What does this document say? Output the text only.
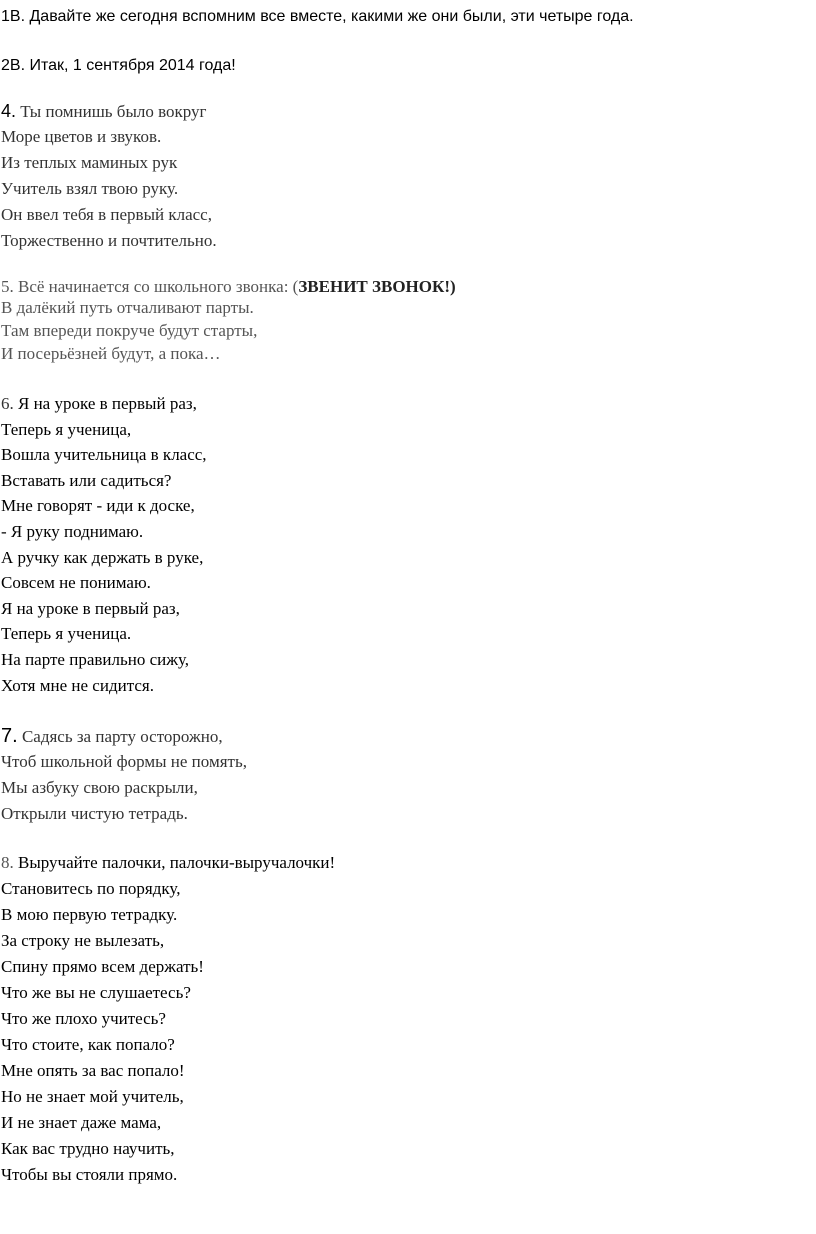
1В. Давайте же сегодня вспомним все вместе, какими же они были, эти четыре года.
2В. Итак, 1 сентября 2014 года!
4. Ты помнишь было вокруг
Море цветов и звуков.
Из теплых маминых рук
Учитель взял твою руку.
Он ввел тебя в первый класс,
Торжественно и почтительно.
5. Всё начинается со школьного звонка: (ЗВЕНИТ ЗВОНОК!)
В далёкий путь отчаливают парты.
Там впереди покруче будут старты,
И посерьёзней будут, а пока…
6. Я на уроке в первый раз,
Теперь я ученица,
Вошла учительница в класс,
Вставать или садиться?
Мне говорят - иди к доске,
- Я руку поднимаю.
А ручку как держать в руке,
Совсем не понимаю.
Я на уроке в первый раз,
Теперь я ученица.
На парте правильно сижу,
Хотя мне не сидится.
7. Садясь за парту осторожно,
Чтоб школьной формы не помять,
Мы азбуку свою раскрыли,
Открыли чистую тетрадь.
8. Выручайте палочки, палочки-выручалочки!
Становитесь по порядку,
В мою первую тетрадку.
За строку не вылезать,
Спину прямо всем держать!
Что же вы не слушаетесь?
Что же плохо учитесь?
Что стоите, как попало?
Мне опять за вас попало!
Но не знает мой учитель,
И не знает даже мама,
Как вас трудно научить,
Чтобы вы стояли прямо.
